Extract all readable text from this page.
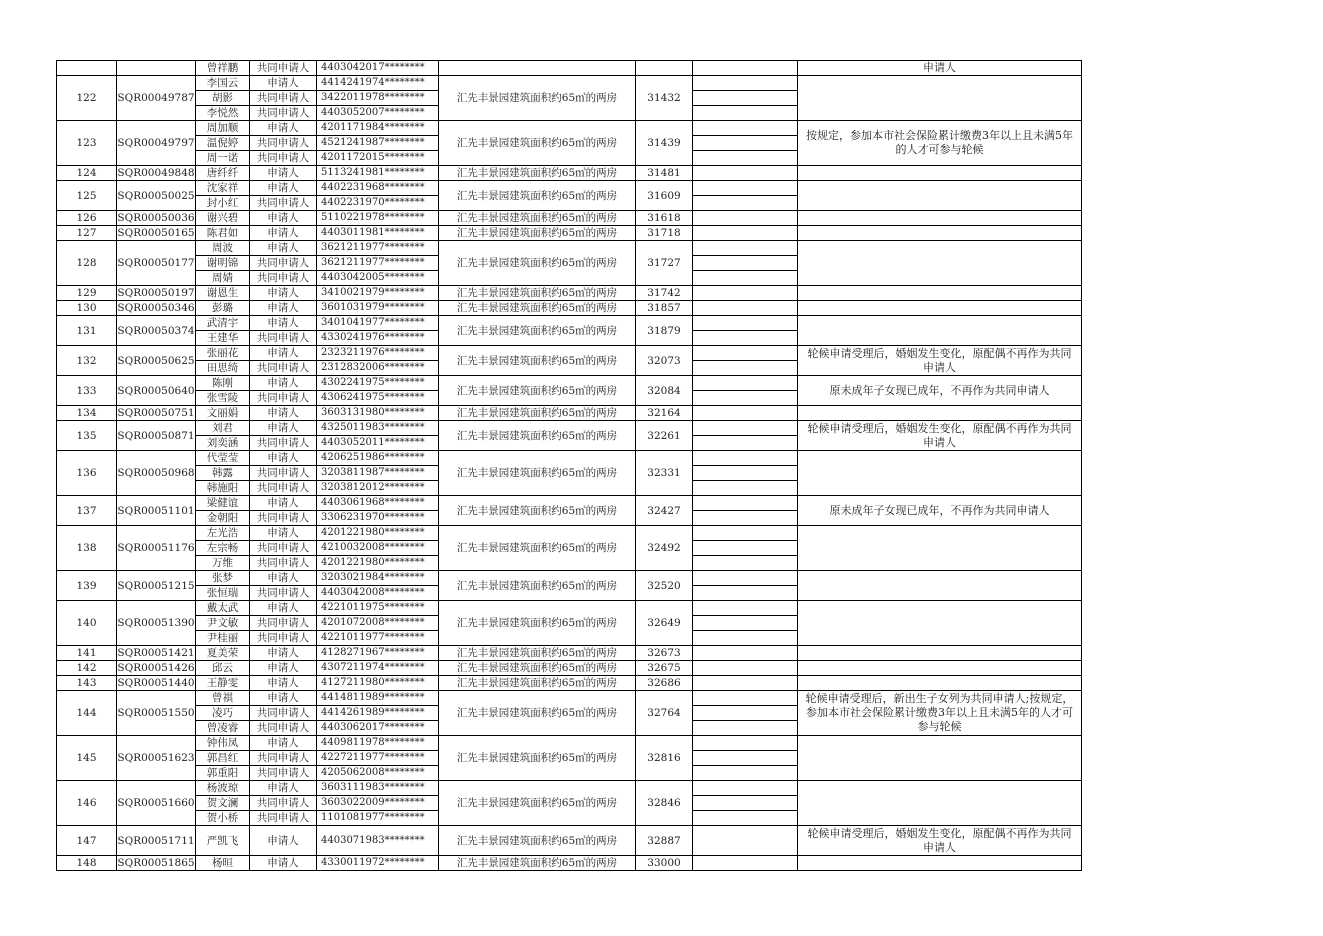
		曾祥鹏	共同申请人	4403042017********				申请人
122	SQR00049787	李国云	申请人	4414241974********	汇先丰景园建筑面积约65㎡的两房	31432		
		胡影	共同申请人	3422011978********				
		李悦然	共同申请人	4403052007********				
123	SQR00049797	周加顺	申请人	4201171984********	汇先丰景园建筑面积约65㎡的两房	31439		按规定，参加本市社会保险累计缴费3年以上且未满5年的人才可参与轮候
		温倪婷	共同申请人	4521241987********				
		周一诺	共同申请人	4201172015********				
124	SQR00049848	唐纤纤	申请人	5113241981********	汇先丰景园建筑面积约65㎡的两房	31481		
125	SQR00050025	沈家祥	申请人	4402231968********	汇先丰景园建筑面积约65㎡的两房	31609		
		封小红	共同申请人	4402231970********				
126	SQR00050036	谢兴碧	申请人	5110221978********	汇先丰景园建筑面积约65㎡的两房	31618		
127	SQR00050165	陈君如	申请人	4403011981********	汇先丰景园建筑面积约65㎡的两房	31718		
128	SQR00050177	周波	申请人	3621211977********	汇先丰景园建筑面积约65㎡的两房	31727		
		谢明锦	共同申请人	3621211977********				
		周婧	共同申请人	4403042005********				
129	SQR00050197	谢恩生	申请人	3410021979********	汇先丰景园建筑面积约65㎡的两房	31742		
130	SQR00050346	彭璐	申请人	3601031979********	汇先丰景园建筑面积约65㎡的两房	31857		
131	SQR00050374	武清宇	申请人	3401041977********	汇先丰景园建筑面积约65㎡的两房	31879		
		王建华	共同申请人	4330241976********				
132	SQR00050625	张丽花	申请人	2323211976********	汇先丰景园建筑面积约65㎡的两房	32073		轮候申请受理后，婚姻发生变化，原配偶不再作为共同申请人
		田思绮	共同申请人	2312832006********				
133	SQR00050640	陈刚	申请人	4302241975********	汇先丰景园建筑面积约65㎡的两房	32084		原未成年子女现已成年，不再作为共同申请人
		张雪陵	共同申请人	4306241975********				
134	SQR00050751	文丽娟	申请人	3603131980********	汇先丰景园建筑面积约65㎡的两房	32164		
135	SQR00050871	刘君	申请人	4325011983********	汇先丰景园建筑面积约65㎡的两房	32261		轮候申请受理后，婚姻发生变化，原配偶不再作为共同申请人
		刘奕涵	共同申请人	4403052011********				
136	SQR00050968	代莹莹	申请人	4206251986********	汇先丰景园建筑面积约65㎡的两房	32331		
		韩露	共同申请人	3203811987********				
		韩施阳	共同申请人	3203812012********				
137	SQR00051101	梁健谊	申请人	4403061968********	汇先丰景园建筑面积约65㎡的两房	32427		原未成年子女现已成年，不再作为共同申请人
		金朝阳	共同申请人	3306231970********				
138	SQR00051176	左光浩	申请人	4201221980********	汇先丰景园建筑面积约65㎡的两房	32492		
		左宗畅	共同申请人	4210032008********				
		万维	共同申请人	4201221980********				
139	SQR00051215	张梦	申请人	3203021984********	汇先丰景园建筑面积约65㎡的两房	32520		
		张恒瑞	共同申请人	4403042008********				
140	SQR00051390	戴太武	申请人	4221011975********	汇先丰景园建筑面积约65㎡的两房	32649		
		尹文敏	共同申请人	4201072008********				
		尹桂丽	共同申请人	4221011977********				
141	SQR00051421	夏美荣	申请人	4128271967********	汇先丰景园建筑面积约65㎡的两房	32673		
142	SQR00051426	邱云	申请人	4307211974********	汇先丰景园建筑面积约65㎡的两房	32675		
143	SQR00051440	王静雯	申请人	4127211980********	汇先丰景园建筑面积约65㎡的两房	32686		
144	SQR00051550	曾祺	申请人	4414811989********	汇先丰景园建筑面积约65㎡的两房	32764		轮候申请受理后，新出生子女列为共同申请人;按规定，参加本市社会保险累计缴费3年以上且未满5年的人才可参与轮候
		凌巧	共同申请人	4414261989********				
		曾凌睿	共同申请人	4403062017********				
145	SQR00051623	钟伟凤	申请人	4409811978********	汇先丰景园建筑面积约65㎡的两房	32816		
		郭昌红	共同申请人	4227211977********				
		郭重阳	共同申请人	4205062008********				
146	SQR00051660	杨波琼	申请人	3603111983********	汇先丰景园建筑面积约65㎡的两房	32846		
		贺文澜	共同申请人	3603022009********				
		贺小桥	共同申请人	1101081977********				
147	SQR00051711	严凯飞	申请人	4403071983********	汇先丰景园建筑面积约65㎡的两房	32887		轮候申请受理后，婚姻发生变化，原配偶不再作为共同申请人
148	SQR00051865	杨晅	申请人	4330011972********	汇先丰景园建筑面积约65㎡的两房	33000		
